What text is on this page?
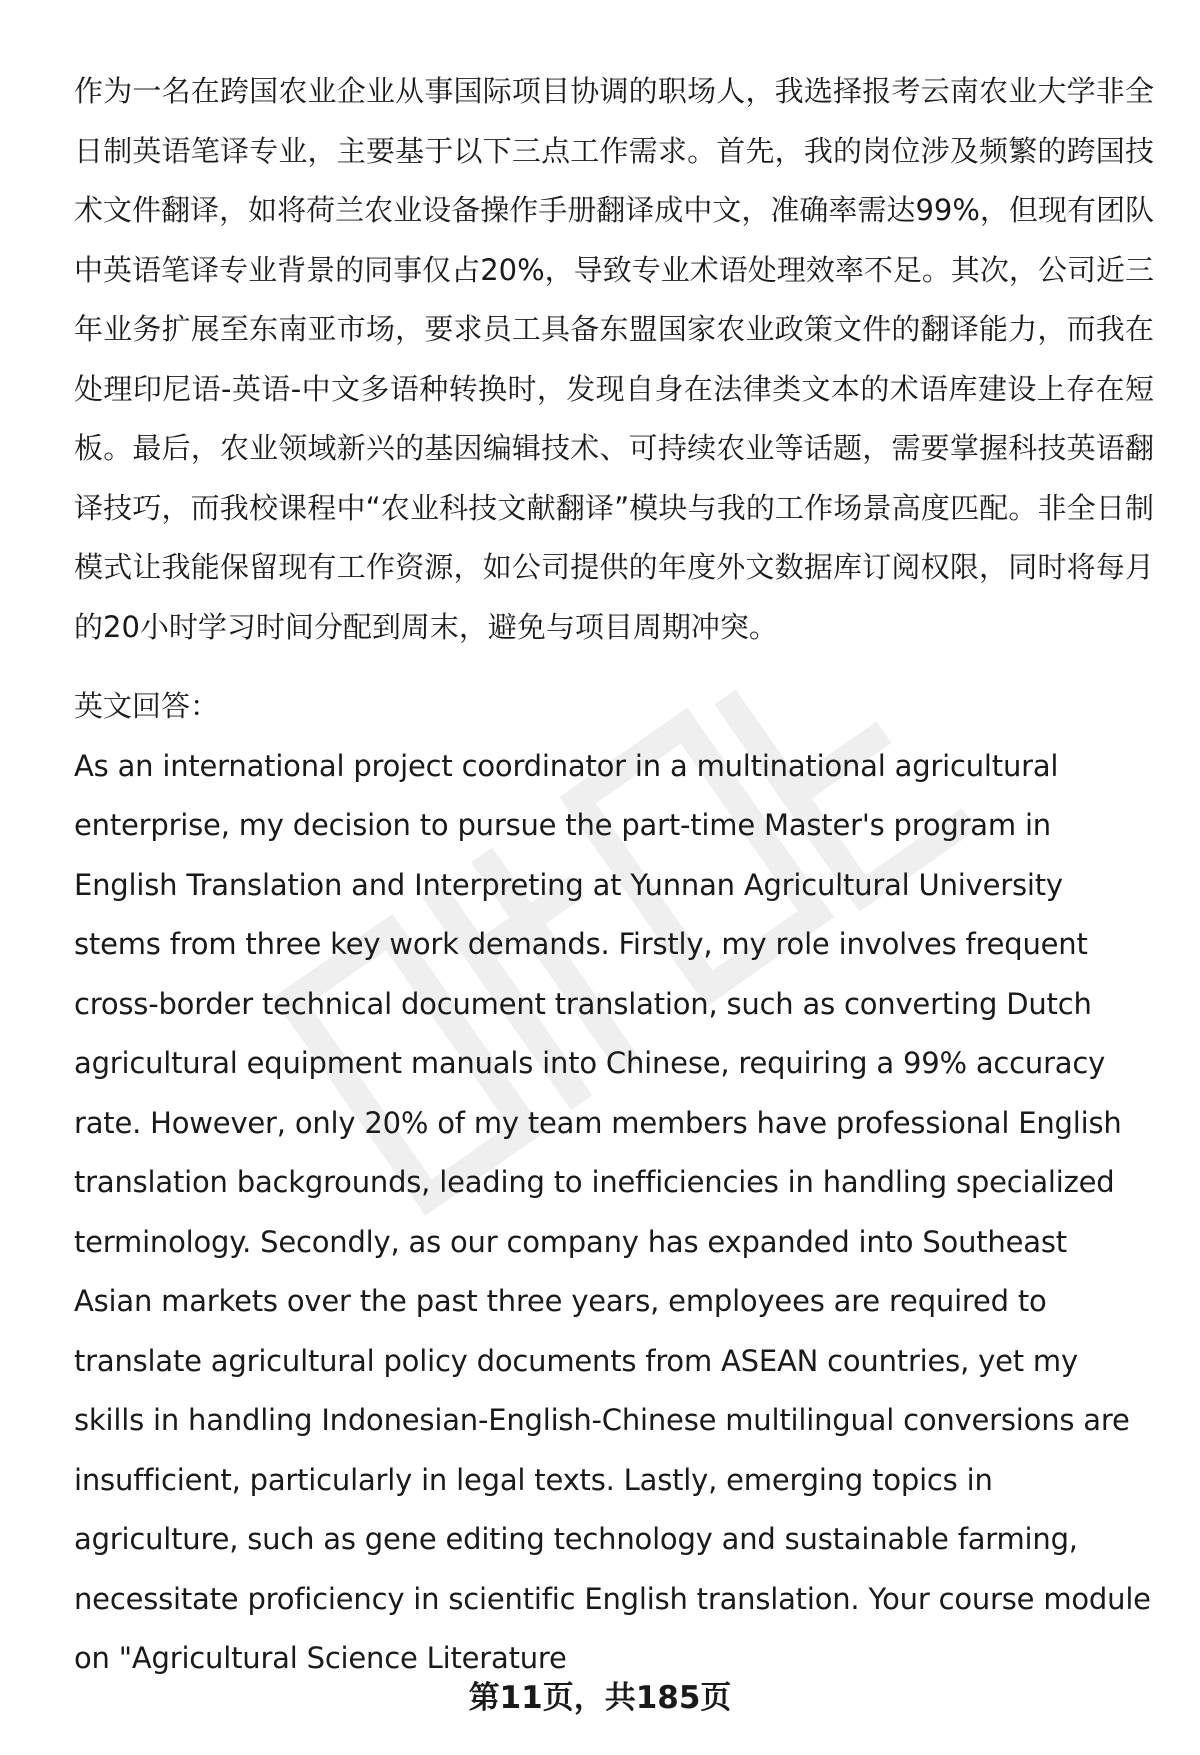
作为一名在跨国农业企业从事国际项目协调的职场人，我选择报考云南农业大学非全日制英语笔译专业，主要基于以下三点工作需求。首先，我的岗位涉及频繁的跨国技术文件翻译，如将荷兰农业设备操作手册翻译成中文，准确率需达99%，但现有团队中英语笔译专业背景的同事仅占20%，导致专业术语处理效率不足。其次，公司近三年业务扩展至东南亚市场，要求员工具备东盟国家农业政策文件的翻译能力，而我在处理印尼语-英语-中文多语种转换时，发现自身在法律类文本的术语库建设上存在短板。最后，农业领域新兴的基因编辑技术、可持续农业等话题，需要掌握科技英语翻译技巧，而我校课程中“农业科技文献翻译”模块与我的工作场景高度匹配。非全日制模式让我能保留现有工作资源，如公司提供的年度外文数据库订阅权限，同时将每月的20小时学习时间分配到周末，避免与项目周期冲突。

英文回答：

As an international project coordinator in a multinational agricultural enterprise, my decision to pursue the part-time Master's program in English Translation and Interpreting at Yunnan Agricultural University stems from three key work demands. Firstly, my role involves frequent cross-border technical document translation, such as converting Dutch agricultural equipment manuals into Chinese, requiring a 99% accuracy rate. However, only 20% of my team members have professional English translation backgrounds, leading to inefficiencies in handling specialized terminology. Secondly, as our company has expanded into Southeast Asian markets over the past three years, employees are required to translate agricultural policy documents from ASEAN countries, yet my skills in handling Indonesian-English-Chinese multilingual conversions are insufficient, particularly in legal texts. Lastly, emerging topics in agriculture, such as gene editing technology and sustainable farming, necessitate proficiency in scientific English translation. Your course module on "Agricultural Science Literature

第11页，共185页
